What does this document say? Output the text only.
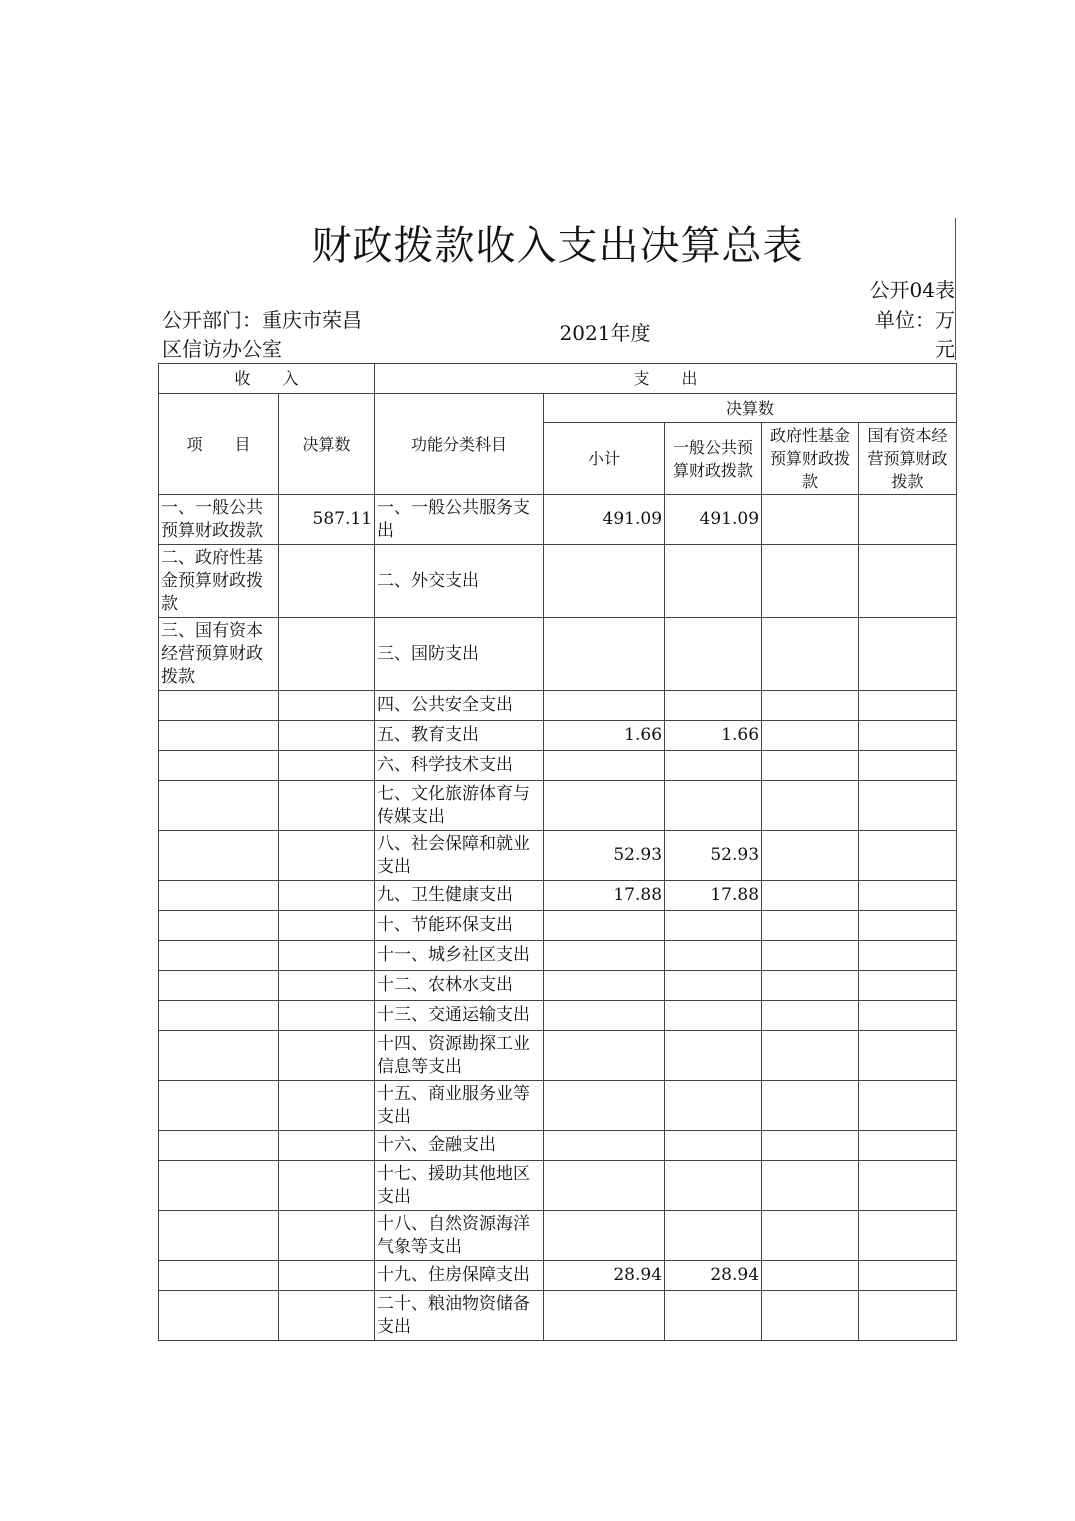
财政拨款收入支出决算总表
公开04表
公开部门：重庆市荣昌区信访办公室
2021年度
单位：万元
收　　入		支　　出				
项　　目	决算数	功能分类科目	决算数			
			小计	一般公共预算财政拨款	政府性基金预算财政拨款	国有资本经营预算财政拨款
一、一般公共预算财政拨款	587.11	一、一般公共服务支出	491.09	491.09		
二、政府性基金预算财政拨款		二、外交支出				
三、国有资本经营预算财政拨款		三、国防支出				
		四、公共安全支出				
		五、教育支出	1.66	1.66		
		六、科学技术支出				
		七、文化旅游体育与传媒支出				
		八、社会保障和就业支出	52.93	52.93		
		九、卫生健康支出	17.88	17.88		
		十、节能环保支出				
		十一、城乡社区支出				
		十二、农林水支出				
		十三、交通运输支出				
		十四、资源勘探工业信息等支出				
		十五、商业服务业等支出				
		十六、金融支出				
		十七、援助其他地区支出				
		十八、自然资源海洋气象等支出				
		十九、住房保障支出	28.94	28.94		
		二十、粮油物资储备支出				
